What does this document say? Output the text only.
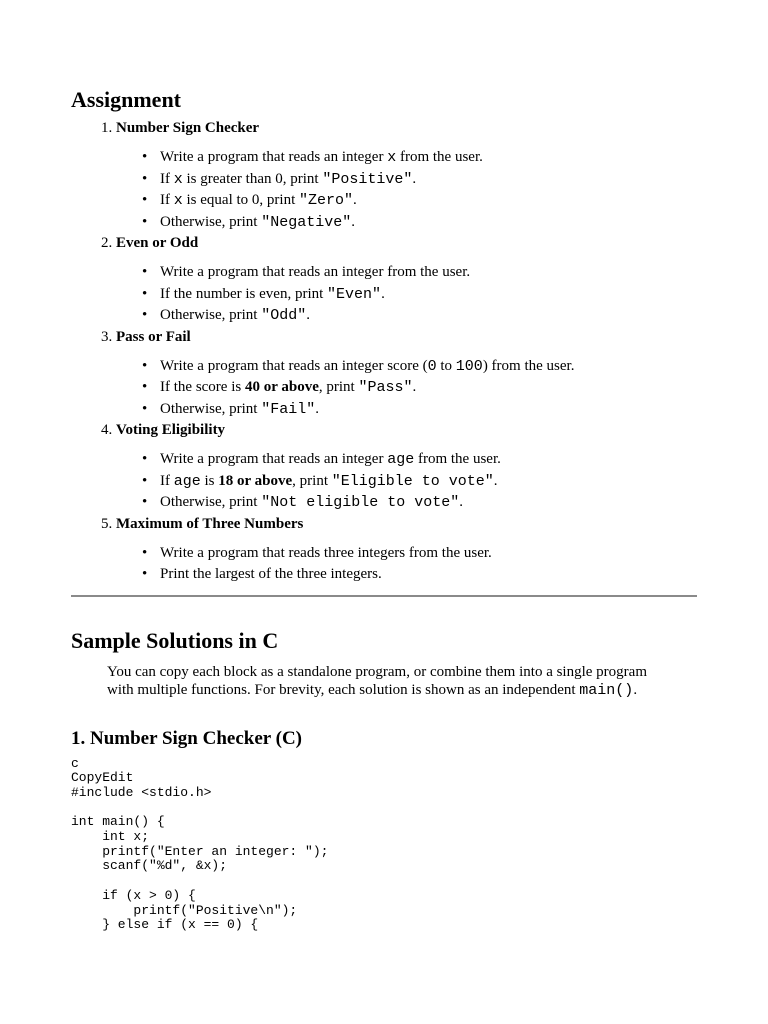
Assignment
1. Number Sign Checker
• Write a program that reads an integer x from the user.
• If x is greater than 0, print "Positive".
• If x is equal to 0, print "Zero".
• Otherwise, print "Negative".
2. Even or Odd
• Write a program that reads an integer from the user.
• If the number is even, print "Even".
• Otherwise, print "Odd".
3. Pass or Fail
• Write a program that reads an integer score (0 to 100) from the user.
• If the score is 40 or above, print "Pass".
• Otherwise, print "Fail".
4. Voting Eligibility
• Write a program that reads an integer age from the user.
• If age is 18 or above, print "Eligible to vote".
• Otherwise, print "Not eligible to vote".
5. Maximum of Three Numbers
• Write a program that reads three integers from the user.
• Print the largest of the three integers.
Sample Solutions in C

You can copy each block as a standalone program, or combine them into a single program with multiple functions. For brevity, each solution is shown as an independent main().

1. Number Sign Checker (C)
c
CopyEdit
#include <stdio.h>

int main() {
int x;
printf("Enter an integer: ");
scanf("%d", &x);

if (x > 0) {
printf("Positive\n");
} else if (x == 0) {
